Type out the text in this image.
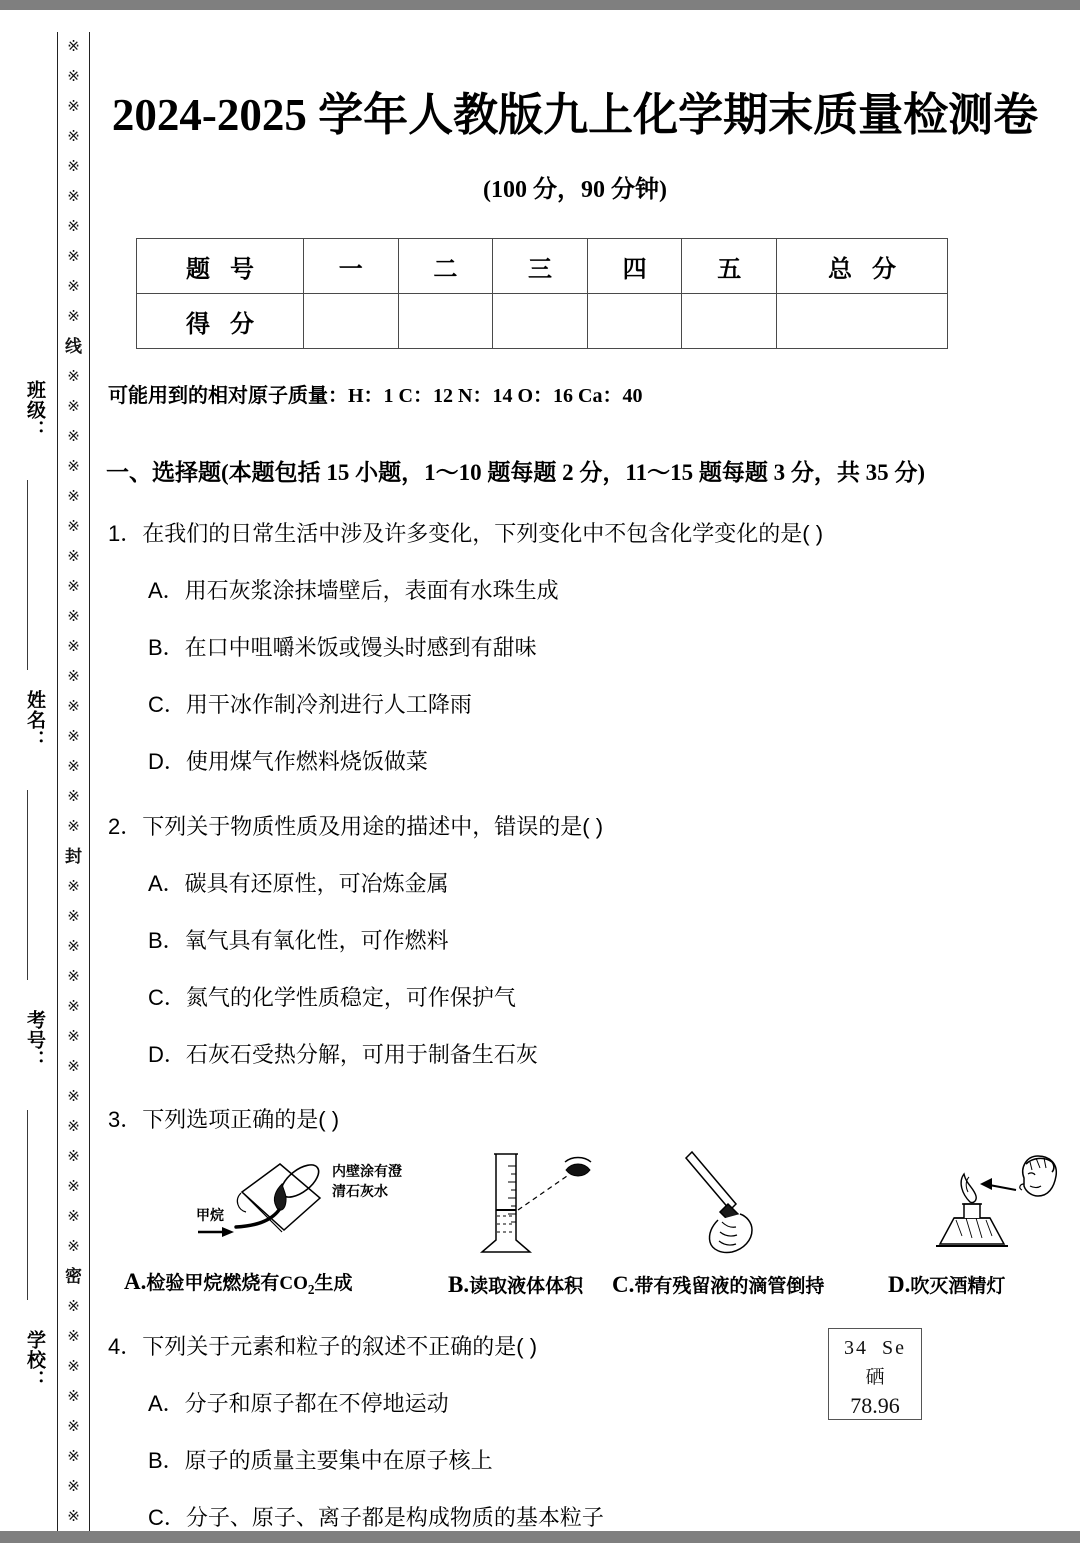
班级：
姓名：
考号：
学校：
※
※
※
※
※
※
※
※
※
※
线
※
※
※
※
※
※
※
※
※
※
※
※
※
※
※
※
封
※
※
※
※
※
※
※
※
※
※
※
※
※
密
※
※
※
※
※
※
※
※
2024-2025 学年人教版九上化学期末质量检测卷
(100 分，90 分钟)
题 号	一	二	三	四	五	总 分
得 分						
可能用到的相对原子质量：H：1 C：12 N：14 O：16 Ca：40
一、选择题(本题包括 15 小题，1～10 题每题 2 分，11～15 题每题 3 分，共 35 分)
1．在我们的日常生活中涉及许多变化，下列变化中不包含化学变化的是( )
A．用石灰浆涂抹墙壁后，表面有水珠生成
B．在口中咀嚼米饭或馒头时感到有甜味
C．用干冰作制冷剂进行人工降雨
D．使用煤气作燃料烧饭做菜
2．下列关于物质性质及用途的描述中，错误的是( )
A．碳具有还原性，可冶炼金属
B．氧气具有氧化性，可作燃料
C．氮气的化学性质稳定，可作保护气
D．石灰石受热分解，可用于制备生石灰
3．下列选项正确的是( )
甲烷
内壁涂有澄
清石灰水
A.检验甲烷燃烧有$CO_2$生成	B.读取液体体积 C.带有残留液的滴管倒持	D.吹灭酒精灯
4．下列关于元素和粒子的叙述不正确的是( )
A．分子和原子都在不停地运动
B．原子的质量主要集中在原子核上
C．分子、原子、离子都是构成物质的基本粒子
34 Se
硒
78.96
